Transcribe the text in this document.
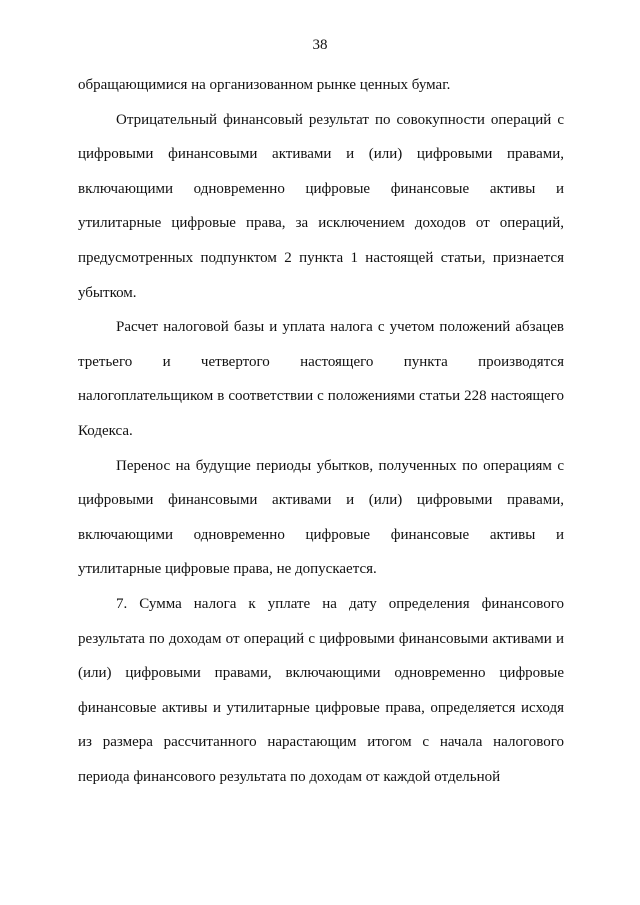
38

обращающимися на организованном рынке ценных бумаг.

Отрицательный финансовый результат по совокупности операций с цифровыми финансовыми активами и (или) цифровыми правами, включающими одновременно цифровые финансовые активы и утилитарные цифровые права, за исключением доходов от операций, предусмотренных подпунктом 2 пункта 1 настоящей статьи, признается убытком.

Расчет налоговой базы и уплата налога с учетом положений абзацев третьего и четвертого настоящего пункта производятся налогоплательщиком в соответствии с положениями статьи 228 настоящего Кодекса.

Перенос на будущие периоды убытков, полученных по операциям с цифровыми финансовыми активами и (или) цифровыми правами, включающими одновременно цифровые финансовые активы и утилитарные цифровые права, не допускается.

7. Сумма налога к уплате на дату определения финансового результата по доходам от операций с цифровыми финансовыми активами и (или) цифровыми правами, включающими одновременно цифровые финансовые активы и утилитарные цифровые права, определяется исходя из размера рассчитанного нарастающим итогом с начала налогового периода финансового результата по доходам от каждой отдельной
